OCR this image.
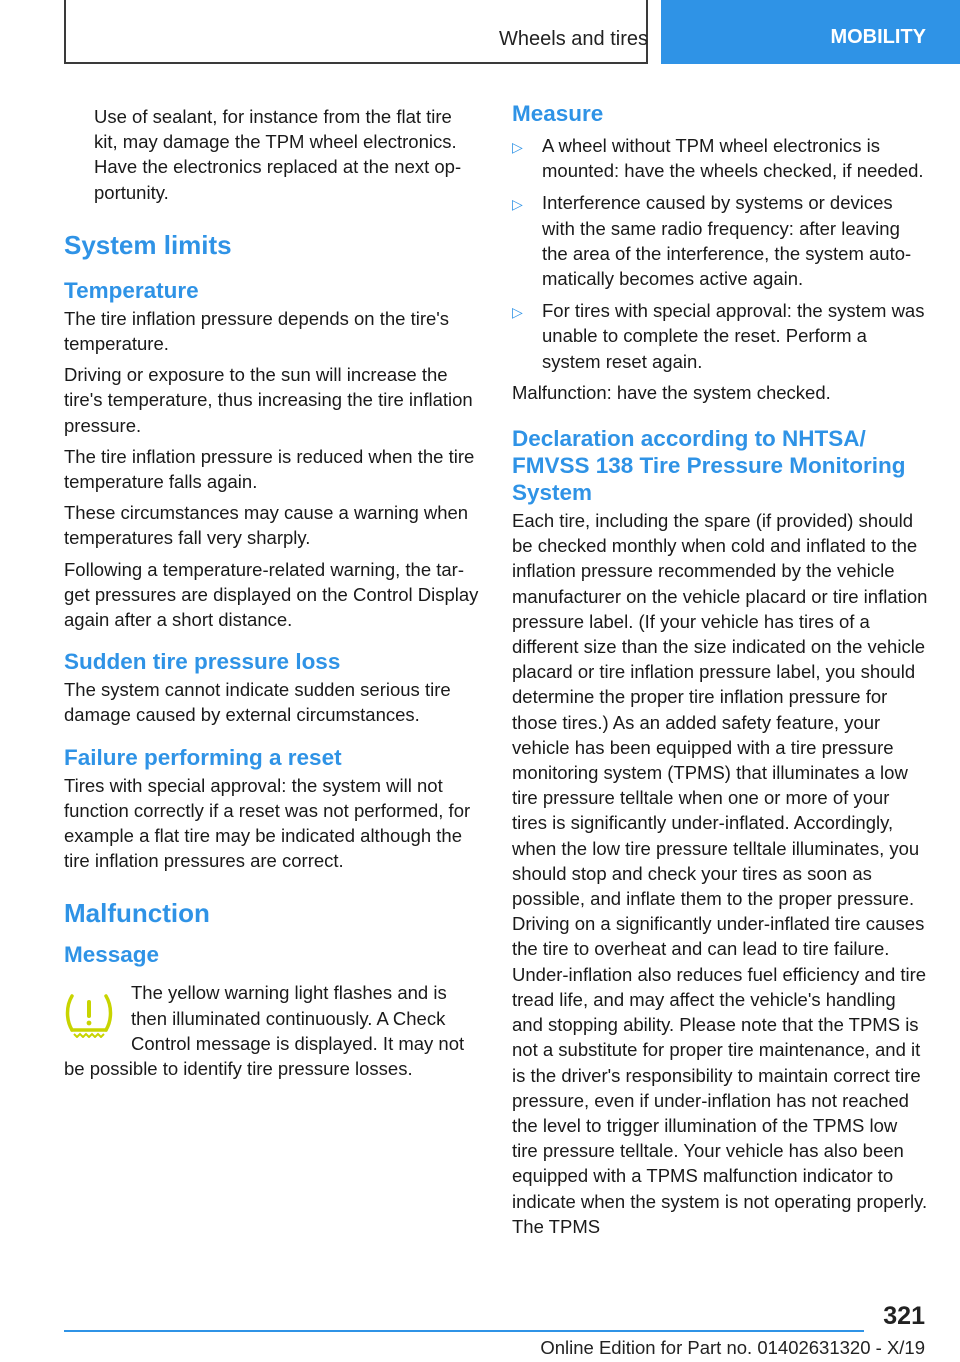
Wheels and tires	MOBILITY

Use of sealant, for instance from the flat tire kit, may damage the TPM wheel electronics. Have the electronics replaced at the next opportunity.

System limits
Temperature

The tire inflation pressure depends on the tire's temperature.

Driving or exposure to the sun will increase the tire's temperature, thus increasing the tire inflation pressure.

The tire inflation pressure is reduced when the tire temperature falls again.

These circumstances may cause a warning when temperatures fall very sharply.

Following a temperature-related warning, the target pressures are displayed on the Control Display again after a short distance.

Sudden tire pressure loss

The system cannot indicate sudden serious tire damage caused by external circumstances.

Failure performing a reset

Tires with special approval: the system will not function correctly if a reset was not performed, for example a flat tire may be indicated although the tire inflation pressures are correct.

Malfunction
Message

The yellow warning light flashes and is then illuminated continuously. A Check Control message is displayed. It may not be possible to identify tire pressure losses.

Measure
▷ A wheel without TPM wheel electronics is mounted: have the wheels checked, if needed.
▷ Interference caused by systems or devices with the same radio frequency: after leaving the area of the interference, the system automatically becomes active again.
▷ For tires with special approval: the system was unable to complete the reset. Perform a system reset again.

Malfunction: have the system checked.

Declaration according to NHTSA/ FMVSS 138 Tire Pressure Monitoring System

Each tire, including the spare (if provided) should be checked monthly when cold and inflated to the inflation pressure recommended by the vehicle manufacturer on the vehicle placard or tire inflation pressure label. (If your vehicle has tires of a different size than the size indicated on the vehicle placard or tire inflation pressure label, you should determine the proper tire inflation pressure for those tires.) As an added safety feature, your vehicle has been equipped with a tire pressure monitoring system (TPMS) that illuminates a low tire pressure telltale when one or more of your tires is significantly under-inflated. Accordingly, when the low tire pressure telltale illuminates, you should stop and check your tires as soon as possible, and inflate them to the proper pressure. Driving on a significantly under-inflated tire causes the tire to overheat and can lead to tire failure. Under-inflation also reduces fuel efficiency and tire tread life, and may affect the vehicle's handling and stopping ability. Please note that the TPMS is not a substitute for proper tire maintenance, and it is the driver's responsibility to maintain correct tire pressure, even if under-inflation has not reached the level to trigger illumination of the TPMS low tire pressure telltale. Your vehicle has also been equipped with a TPMS malfunction indicator to indicate when the system is not operating properly. The TPMS

321
Online Edition for Part no. 01402631320 - X/19
